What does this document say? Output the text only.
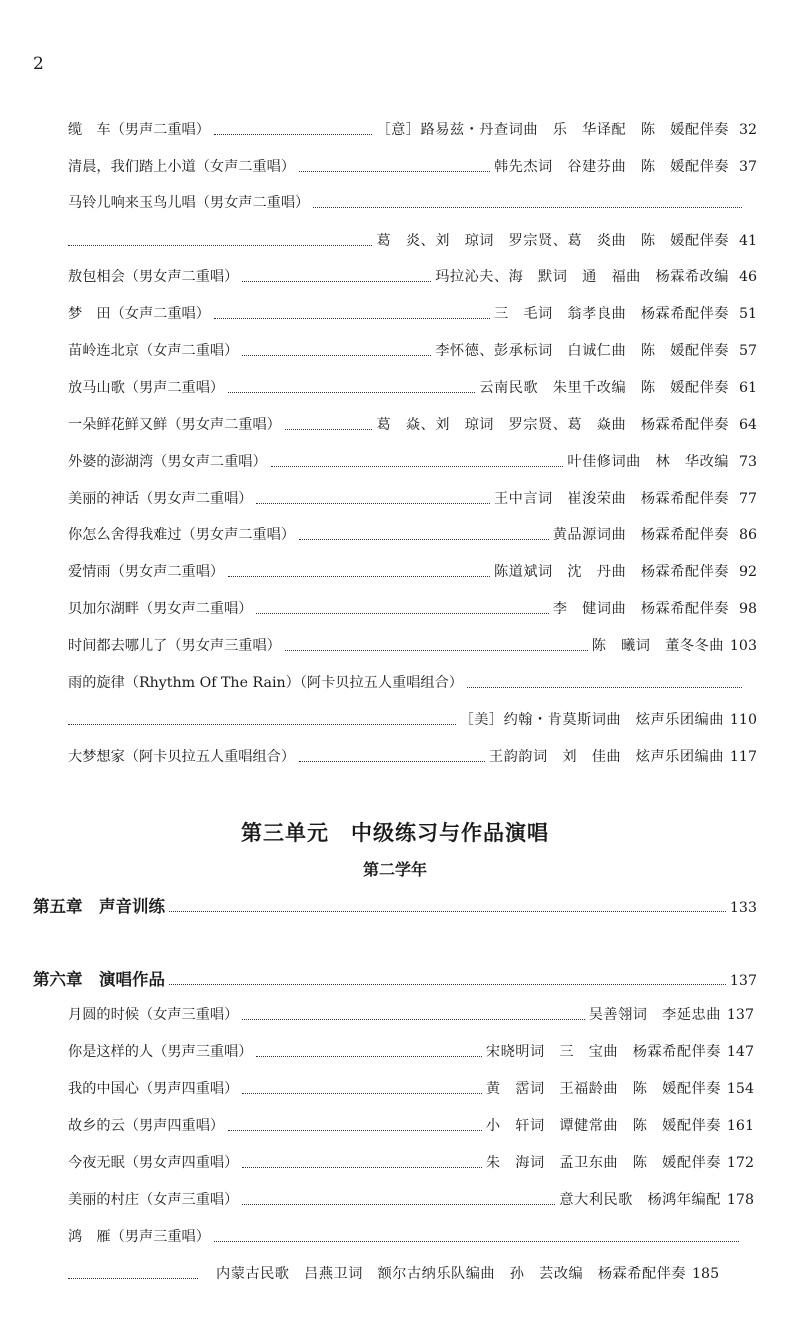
2
缆　车（男声二重唱）	［意］路易兹・丹查词曲　乐　华译配　陈　媛配伴奏 32
清晨，我们踏上小道（女声二重唱）	韩先杰词　谷建芬曲　陈　媛配伴奏 37
马铃儿响来玉鸟儿唱（男女声二重唱）
葛　炎、刘　琼词　罗宗贤、葛　炎曲　陈　媛配伴奏 41
敖包相会（男女声二重唱）	玛拉沁夫、海　默词　通　福曲　杨霖希改编 46
梦　田（女声二重唱）	三　毛词　翁孝良曲　杨霖希配伴奏 51
苗岭连北京（女声二重唱）	李怀德、彭承标词　白诚仁曲　陈　媛配伴奏 57
放马山歌（男声二重唱）	云南民歌　朱里千改编　陈　媛配伴奏 61
一朵鲜花鲜又鲜（男女声二重唱）	葛　焱、刘　琼词　罗宗贤、葛　焱曲　杨霖希配伴奏 64
外婆的澎湖湾（男女声二重唱）	叶佳修词曲　林　华改编 73
美丽的神话（男女声二重唱）	王中言词　崔浚荣曲　杨霖希配伴奏 77
你怎么舍得我难过（男女声二重唱）	黄品源词曲　杨霖希配伴奏 86
爱情雨（男女声二重唱）	陈道斌词　沈　丹曲　杨霖希配伴奏 92
贝加尔湖畔（男女声二重唱）	李　健词曲　杨霖希配伴奏 98
时间都去哪儿了（男女声三重唱）	陈　曦词　董冬冬曲 103
雨的旋律（Rhythm Of The Rain）（阿卡贝拉五人重唱组合）
［美］约翰・肯莫斯词曲　炫声乐团编曲 110
大梦想家（阿卡贝拉五人重唱组合）	王韵韵词　刘　佳曲　炫声乐团编曲 117
第三单元　中级练习与作品演唱
第二学年
第五章　声音训练	133
第六章　演唱作品	137
月圆的时候（女声三重唱）	吴善翎词　李延忠曲 137
你是这样的人（男声三重唱）	宋晓明词　三　宝曲　杨霖希配伴奏 147
我的中国心（男声四重唱）	黄　霑词　王福龄曲　陈　媛配伴奏 154
故乡的云（男声四重唱）	小　轩词　谭健常曲　陈　媛配伴奏 161
今夜无眠（男女声四重唱）	朱　海词　孟卫东曲　陈　媛配伴奏 172
美丽的村庄（女声三重唱）	意大利民歌　杨鸿年编配 178
鸿　雁（男声三重唱）
内蒙古民歌　吕燕卫词　额尔古纳乐队编曲　孙　芸改编　杨霖希配伴奏 185
